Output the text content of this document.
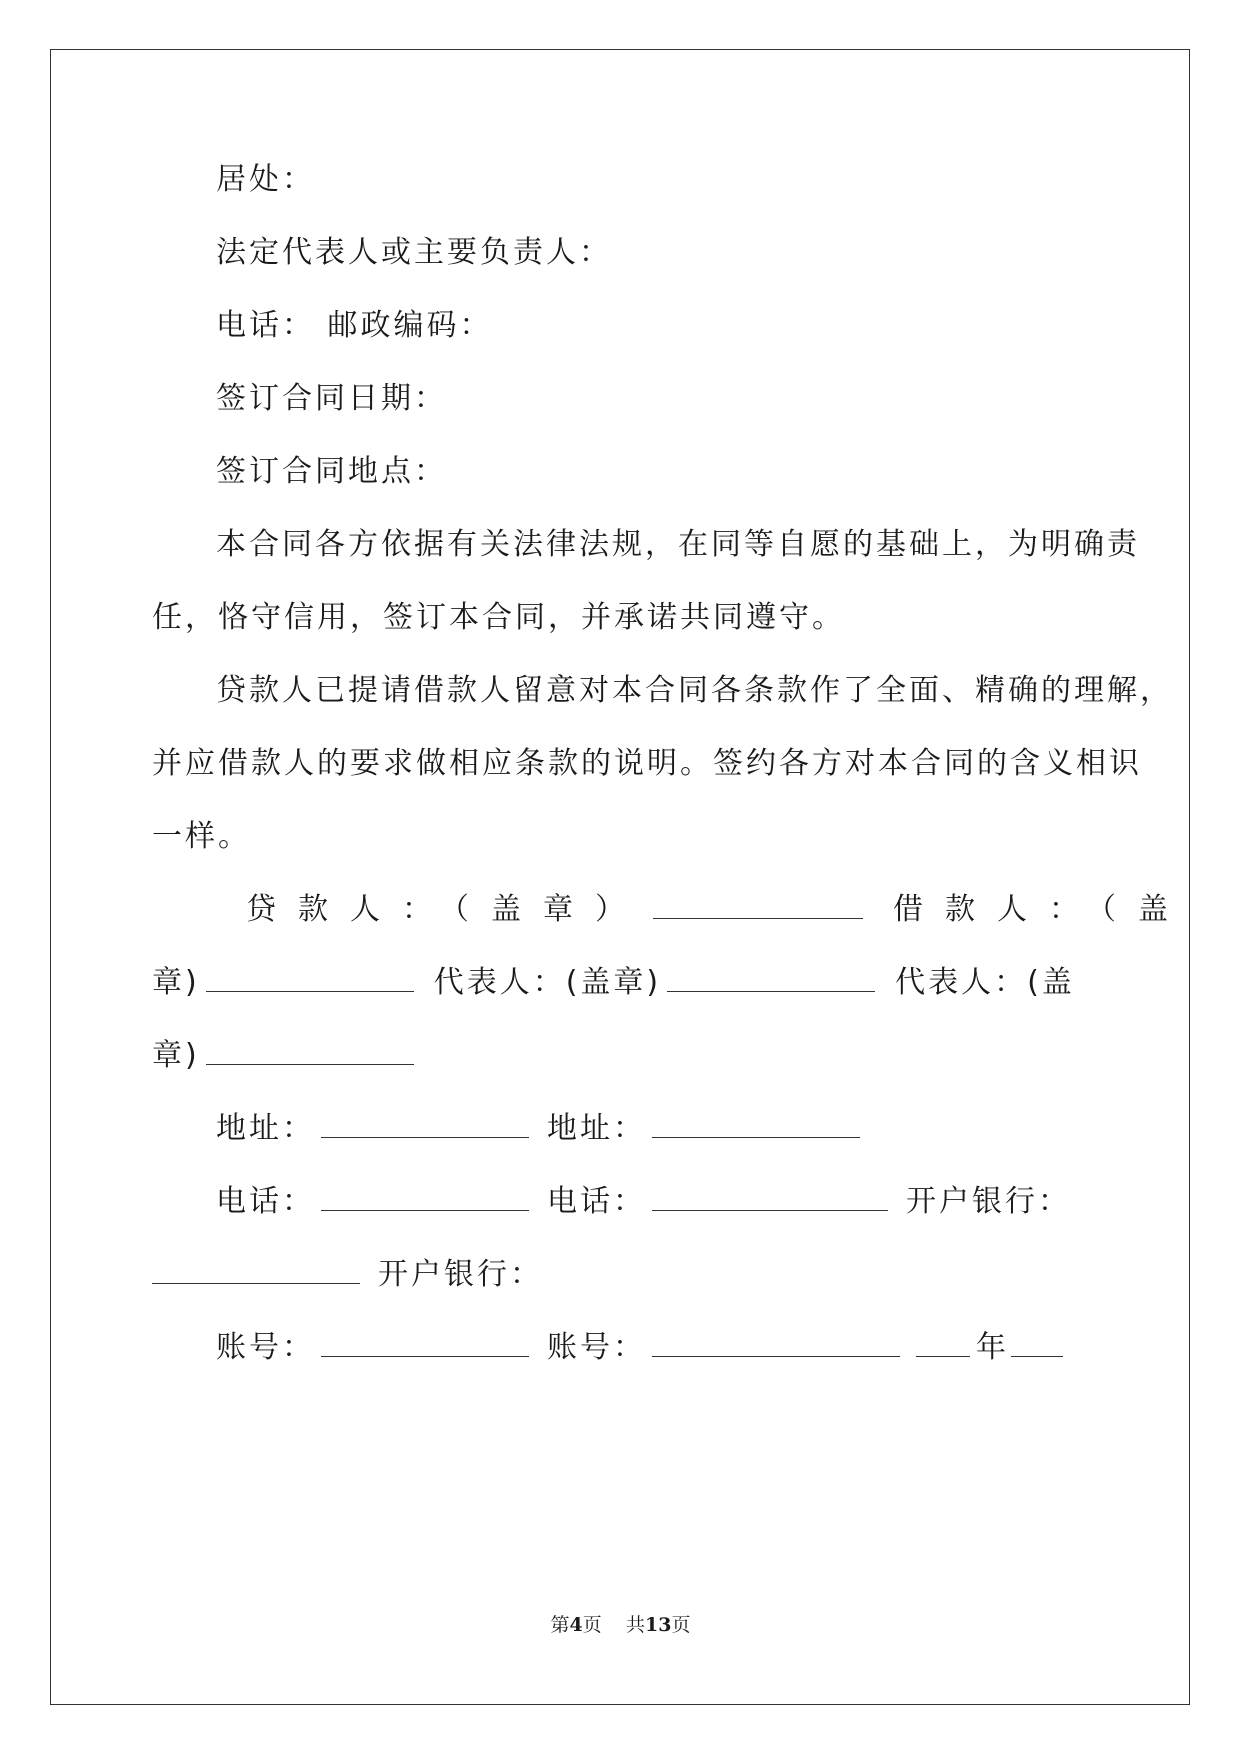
居处：
法定代表人或主要负责人：
电话： 邮政编码：
签订合同日期：
签订合同地点：
本合同各方依据有关法律法规，在同等自愿的基础上，为明确责
任，恪守信用，签订本合同，并承诺共同遵守。
贷款人已提请借款人留意对本合同各条款作了全面、精确的理解，
并应借款人的要求做相应条款的说明。签约各方对本合同的含义相识
一样。
贷款人：（盖章）	借款人：（盖
章)	代表人：(盖章)	代表人：(盖
章)
地址：	地址：
电话：	电话：	开户银行：
开户银行：
账号：	账号：	年
第4页 共13页
